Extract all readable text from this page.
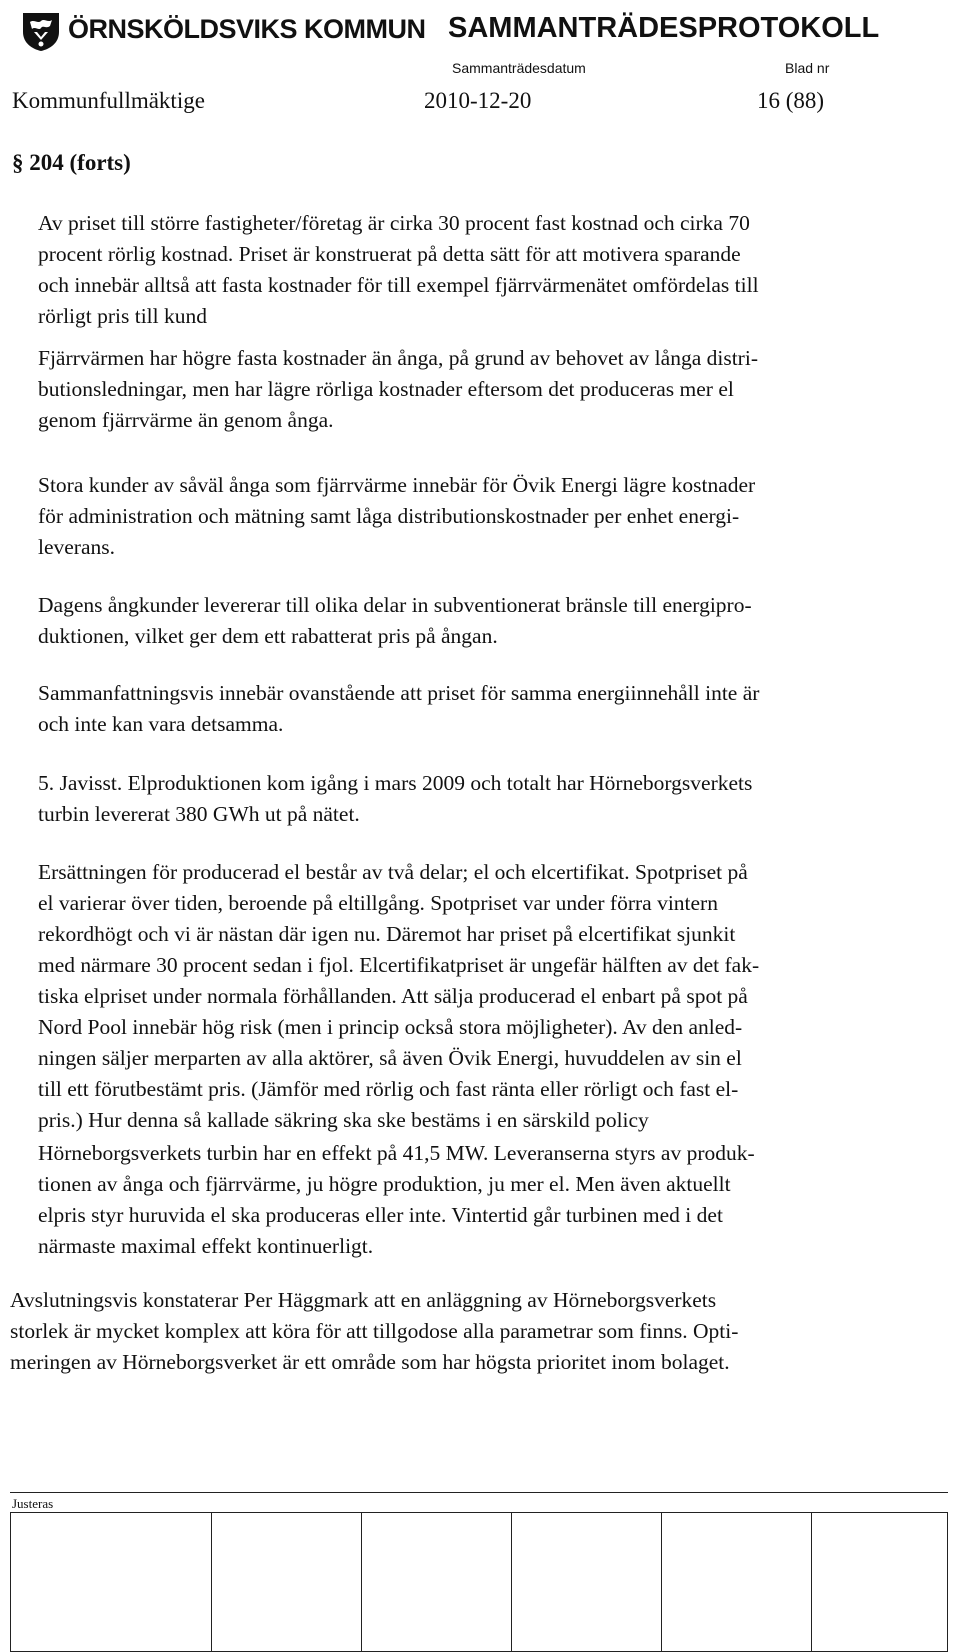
ÖRNSKÖLDSVIKS KOMMUN SAMMANTRÄDESPROTOKOLL
Sammanträdesdatum	Blad nr
Kommunfullmäktige	2010-12-20	16 (88)
§ 204 (forts)
Av priset till större fastigheter/företag är cirka 30 procent fast kostnad och cirka 70
procent rörlig kostnad. Priset är konstruerat på detta sätt för att motivera sparande
och innebär alltså att fasta kostnader för till exempel fjärrvärmenätet omfördelas till
rörligt pris till kund
Fjärrvärmen har högre fasta kostnader än ånga, på grund av behovet av långa distri-
butionsledningar, men har lägre rörliga kostnader eftersom det produceras mer el
genom fjärrvärme än genom ånga.
Stora kunder av såväl ånga som fjärrvärme innebär för Övik Energi lägre kostnader
för administration och mätning samt låga distributionskostnader per enhet energi-
leverans.
Dagens ångkunder levererar till olika delar in subventionerat bränsle till energipro-
duktionen, vilket ger dem ett rabatterat pris på ångan.
Sammanfattningsvis innebär ovanstående att priset för samma energiinnehåll inte är
och inte kan vara detsamma.
5. Javisst. Elproduktionen kom igång i mars 2009 och totalt har Hörneborgsverkets
turbin levererat 380 GWh ut på nätet.
Ersättningen för producerad el består av två delar; el och elcertifikat. Spotpriset på
el varierar över tiden, beroende på eltillgång. Spotpriset var under förra vintern
rekordhögt och vi är nästan där igen nu. Däremot har priset på elcertifikat sjunkit
med närmare 30 procent sedan i fjol. Elcertifikatpriset är ungefär hälften av det fak-
tiska elpriset under normala förhållanden. Att sälja producerad el enbart på spot på
Nord Pool innebär hög risk (men i princip också stora möjligheter). Av den anled-
ningen säljer merparten av alla aktörer, så även Övik Energi, huvuddelen av sin el
till ett förutbestämt pris. (Jämför med rörlig och fast ränta eller rörligt och fast el-
pris.) Hur denna så kallade säkring ska ske bestäms i en särskild policy
Hörneborgsverkets turbin har en effekt på 41,5 MW. Leveranserna styrs av produk-
tionen av ånga och fjärrvärme, ju högre produktion, ju mer el. Men även aktuellt
elpris styr huruvida el ska produceras eller inte. Vintertid går turbinen med i det
närmaste maximal effekt kontinuerligt.
Avslutningsvis konstaterar Per Häggmark att en anläggning av Hörneborgsverkets
storlek är mycket komplex att köra för att tillgodose alla parametrar som finns. Opti-
meringen av Hörneborgsverket är ett område som har högsta prioritet inom bolaget.
Justeras
